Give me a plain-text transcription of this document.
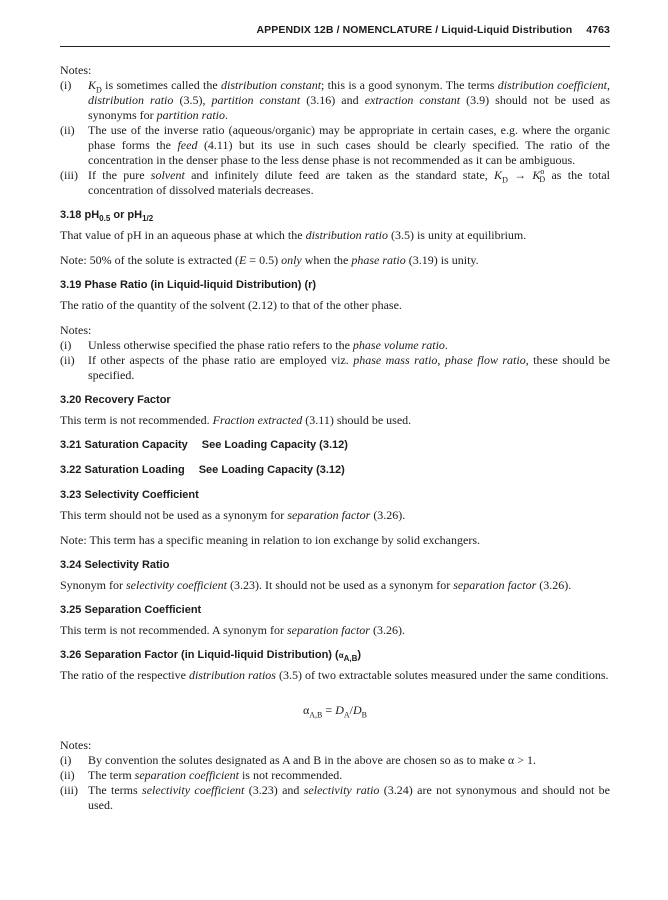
APPENDIX 12B / NOMENCLATURE / Liquid-Liquid Distribution 4763

Notes:

(i) $K_D$ is sometimes called the distribution constant; this is a good synonym. The terms distribution coefficient, distribution ratio (3.5), partition constant (3.16) and extraction constant (3.9) should not be used as synonyms for partition ratio.
(ii) The use of the inverse ratio (aqueous/organic) may be appropriate in certain cases, e.g. where the organic phase forms the feed (4.11) but its use in such cases should be clearly specified. The ratio of the concentration in the denser phase to the less dense phase is not recommended as it can be ambiguous.
(iii) If the pure solvent and infinitely dilute feed are taken as the standard state, $K_D \to K^o_D$ as the total concentration of dissolved materials decreases.

3.18 $pH_{0.5}$ or $pH_{1/2}$

That value of pH in an aqueous phase at which the distribution ratio (3.5) is unity at equilibrium.

Note: 50% of the solute is extracted (E = 0.5) only when the phase ratio (3.19) is unity.

3.19 Phase Ratio (in Liquid-liquid Distribution) (r)

The ratio of the quantity of the solvent (2.12) to that of the other phase.

Notes:

(i) Unless otherwise specified the phase ratio refers to the phase volume ratio.
(ii) If other aspects of the phase ratio are employed viz. phase mass ratio, phase flow ratio, these should be specified.

3.20 Recovery Factor

This term is not recommended. Fraction extracted (3.11) should be used.

3.21 Saturation Capacity See Loading Capacity (3.12)

3.22 Saturation Loading See Loading Capacity (3.12)

3.23 Selectivity Coefficient

This term should not be used as a synonym for separation factor (3.26).

Note: This term has a specific meaning in relation to ion exchange by solid exchangers.

3.24 Selectivity Ratio

Synonym for selectivity coefficient (3.23). It should not be used as a synonym for separation factor (3.26).

3.25 Separation Coefficient

This term is not recommended. A synonym for separation factor (3.26).

3.26 Separation Factor (in Liquid-liquid Distribution) $(\alpha_{A,B})$

The ratio of the respective distribution ratios (3.5) of two extractable solutes measured under the same conditions.

$\alpha_{A,B} = D_A/D_B$

Notes:

(i) By convention the solutes designated as A and B in the above are chosen so as to make α > 1.
(ii) The term separation coefficient is not recommended.
(iii) The terms selectivity coefficient (3.23) and selectivity ratio (3.24) are not synonymous and should not be used.
